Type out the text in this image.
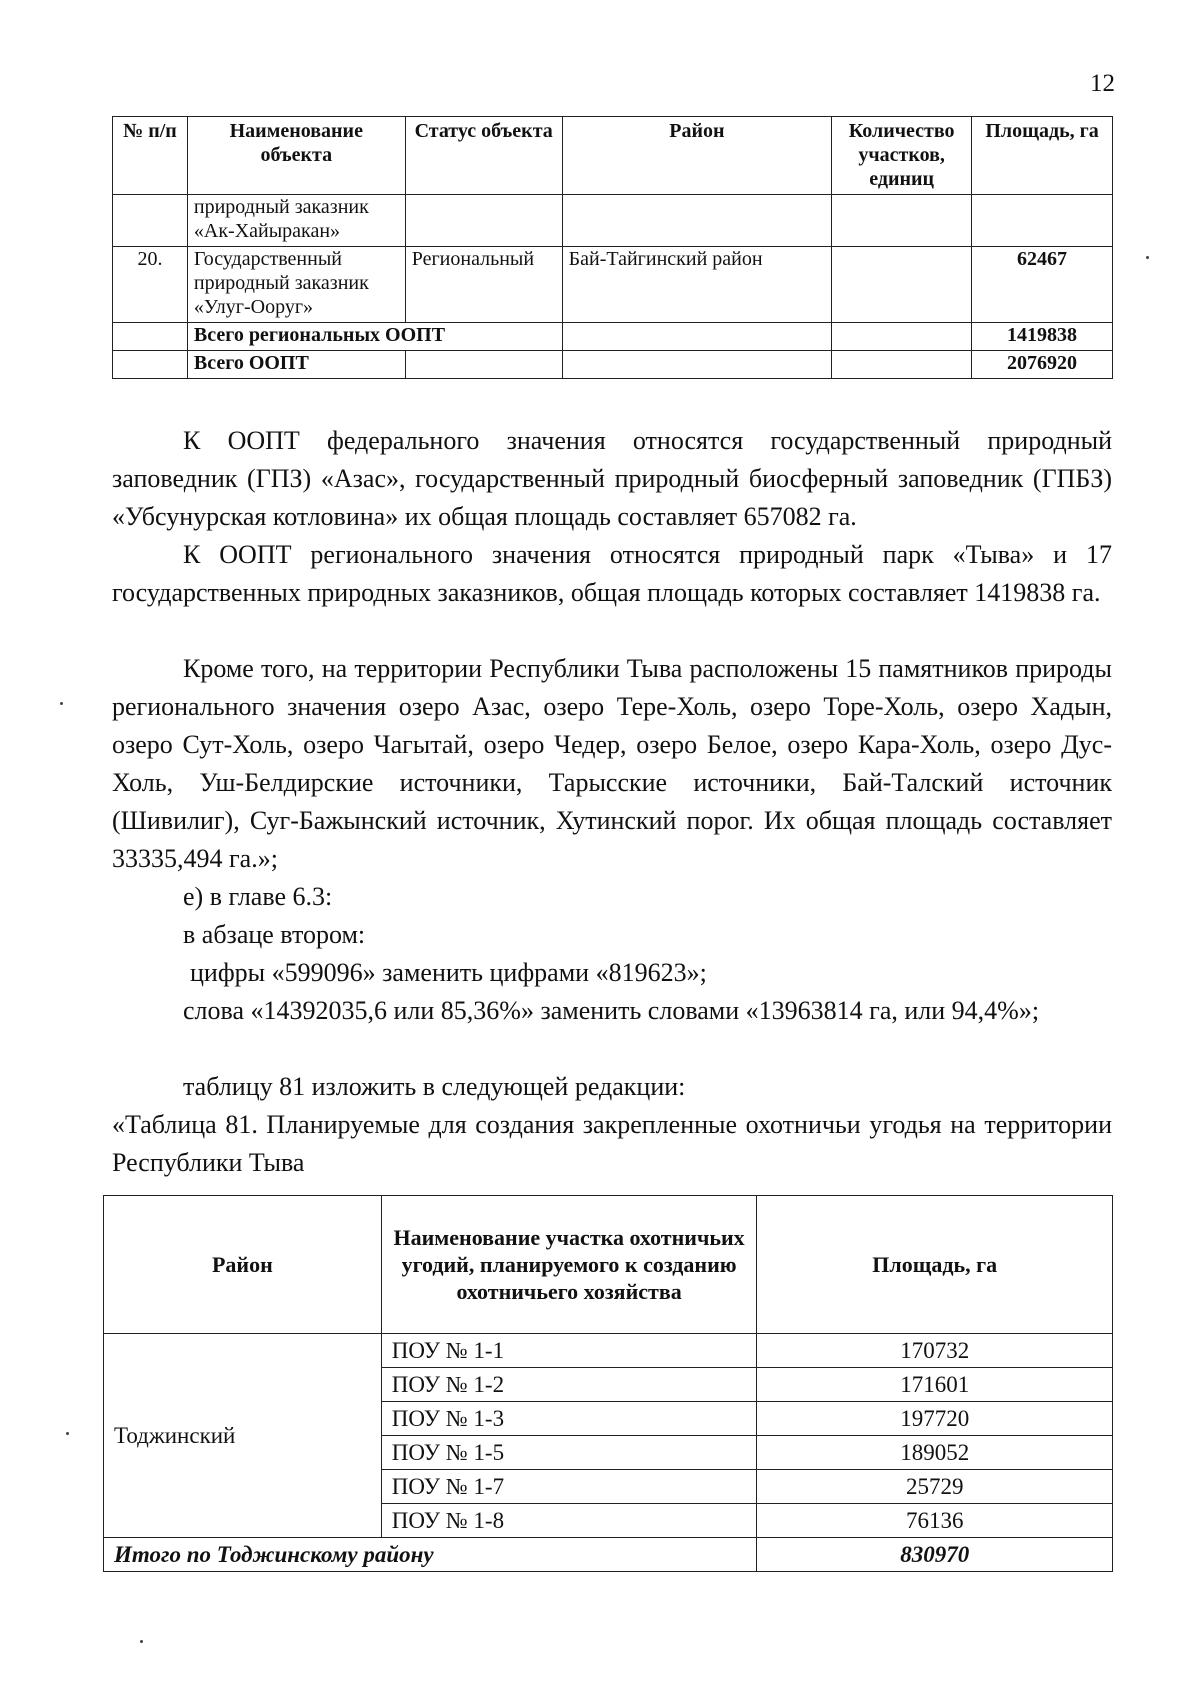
12
№ п/п	Наименование объекта	Статус объекта	Район	Количество участков, единиц	Площадь, га
	природный заказник «Ак-Хайыракан»				
20.	Государственный природный заказник «Улуг-Ооруг»	Региональный	Бай-Тайгинский район		62467
	Всего региональных ООПТ				1419838
	Всего ООПТ				2076920
К ООПТ федерального значения относятся государственный природный заповедник (ГПЗ) «Азас», государственный природный биосферный заповедник (ГПБЗ) «Убсунурская котловина» их общая площадь составляет 657082 га.
К ООПТ регионального значения относятся природный парк «Тыва» и 17 государственных природных заказников, общая площадь которых составляет 1419838 га.
Кроме того, на территории Республики Тыва расположены 15 памятников природы регионального значения озеро Азас, озеро Тере-Холь, озеро Торе-Холь, озеро Хадын, озеро Сут-Холь, озеро Чагытай, озеро Чедер, озеро Белое, озеро Кара-Холь, озеро Дус-Холь, Уш-Белдирские источники, Тарысские источники, Бай-Талский источник (Шивилиг), Суг-Бажынский источник, Хутинский порог. Их общая площадь составляет 33335,494 га.»;
е) в главе 6.3:
в абзаце втором:
цифры «599096» заменить цифрами «819623»;
слова «14392035,6 или 85,36%» заменить словами «13963814 га, или 94,4%»;
таблицу 81 изложить в следующей редакции:
«Таблица 81. Планируемые для создания закрепленные охотничьи угодья на территории Республики Тыва
Район	Наименование участка охотничьих угодий, планируемого к созданию охотничьего хозяйства	Площадь, га
Тоджинский	ПОУ № 1-1	170732
	ПОУ № 1-2	171601
	ПОУ № 1-3	197720
	ПОУ № 1-5	189052
	ПОУ № 1-7	25729
	ПОУ № 1-8	76136
Итого по Тоджинскому району		830970
